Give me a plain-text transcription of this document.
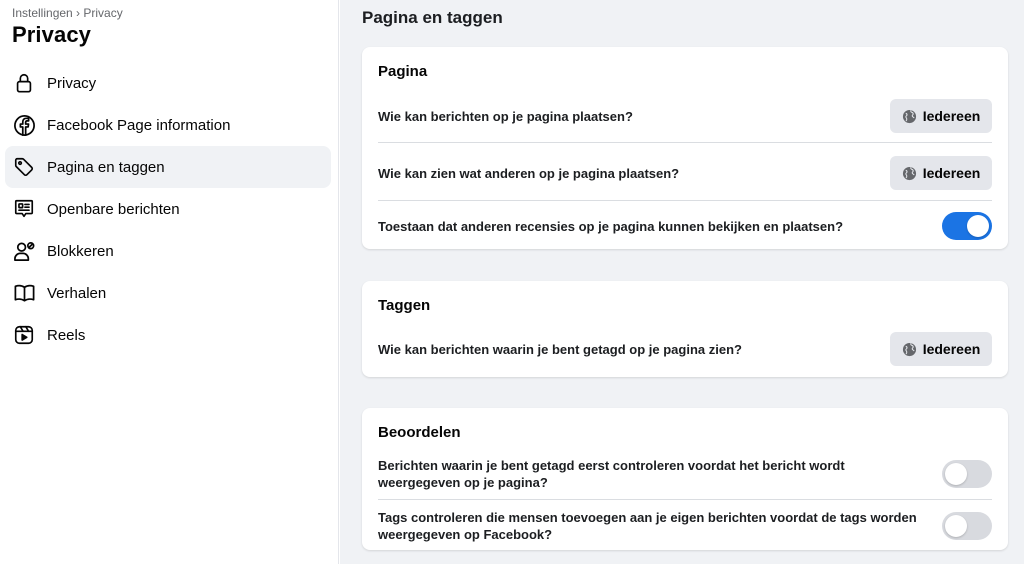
Instellingen › Privacy
Privacy
Privacy
Facebook Page information
Pagina en taggen
Openbare berichten
Blokkeren
Verhalen
Reels
Pagina en taggen
Pagina
Wie kan berichten op je pagina plaatsen?	Iedereen
Wie kan zien wat anderen op je pagina plaatsen?	Iedereen
Toestaan dat anderen recensies op je pagina kunnen bekijken en plaatsen?
Taggen
Wie kan berichten waarin je bent getagd op je pagina zien?	Iedereen
Beoordelen
Berichten waarin je bent getagd eerst controleren voordat het bericht wordt weergegeven op je pagina?
Tags controleren die mensen toevoegen aan je eigen berichten voordat de tags worden weergegeven op Facebook?
